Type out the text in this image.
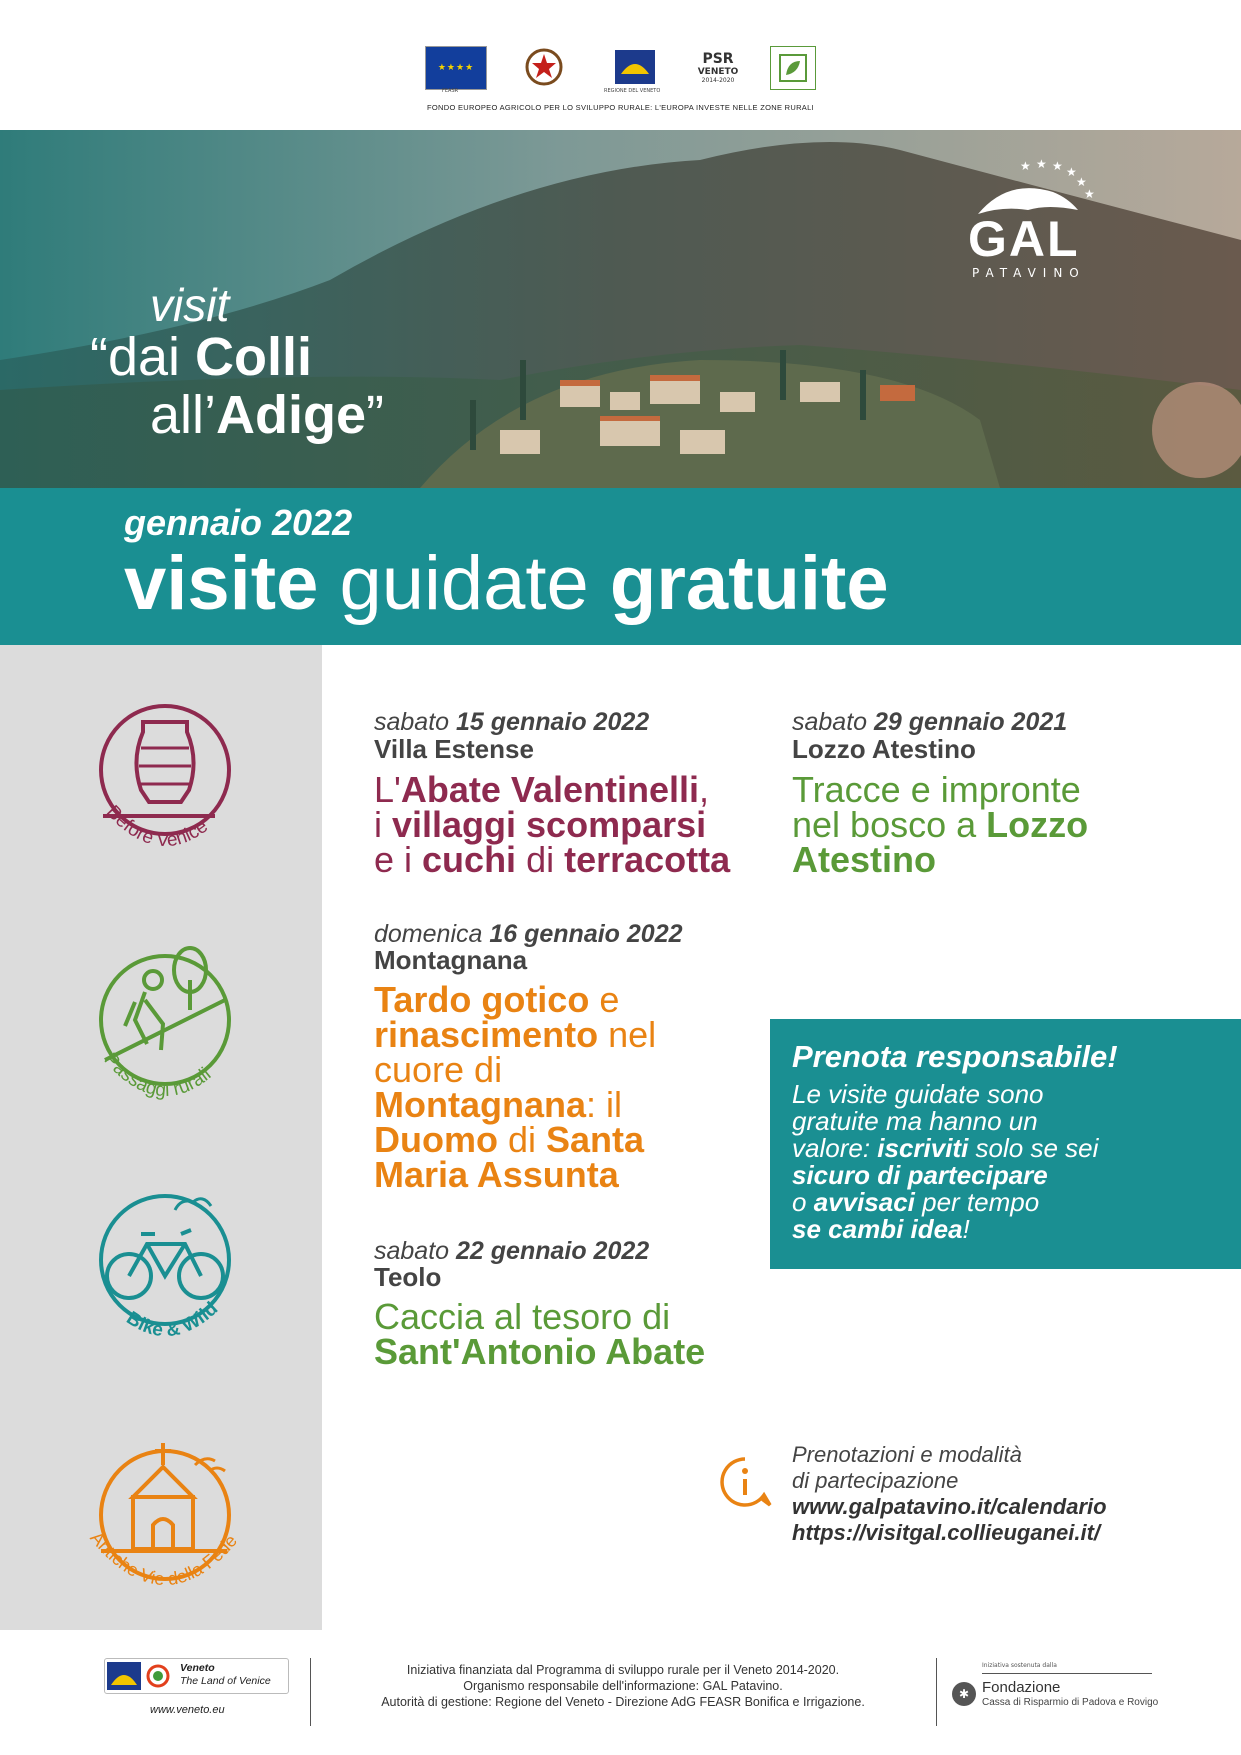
★★★★
FEASR	REGIONE DEL VENETO
PSR
VENETO
2014-2020
FONDO EUROPEO AGRICOLO PER LO SVILUPPO RURALE: L'EUROPA INVESTE NELLE ZONE RURALI
visit
“dai Colli
all’Adige”
★ ★ ★ ★
★
★
GAL
PATAVINO
gennaio 2022
visite guidate gratuite
Before Venice
Passaggi rurali
Bike & Wild
Antiche Vie della Fede
sabato 15 gennaio 2022
Villa Estense
L'Abate Valentinelli,
i villaggi scomparsi
e i cuchi di terracotta
sabato 29 gennaio 2021
Lozzo Atestino
Tracce e impronte
nel bosco a Lozzo
Atestino
domenica 16 gennaio 2022
Montagnana
Tardo gotico e
rinascimento nel
cuore di
Montagnana: il
Duomo di Santa
Maria Assunta
sabato 22 gennaio 2022
Teolo
Caccia al tesoro di
Sant'Antonio Abate
Prenota responsabile!
Le visite guidate sono
gratuite ma hanno un
valore: iscriviti solo se sei
sicuro di partecipare
o avvisaci per tempo
se cambi idea!
Prenotazioni e modalità
di partecipazione
www.galpatavino.it/calendario
https://visitgal.collieuganei.it/
Veneto
The Land of Venice
www.veneto.eu
Iniziativa finanziata dal Programma di sviluppo rurale per il Veneto 2014-2020.
Organismo responsabile dell'informazione: GAL Patavino.
Autorità di gestione: Regione del Veneto - Direzione AdG FEASR Bonifica e Irrigazione.
Iniziativa sostenuta dalla
✱ Fondazione
Cassa di Risparmio di Padova e Rovigo
